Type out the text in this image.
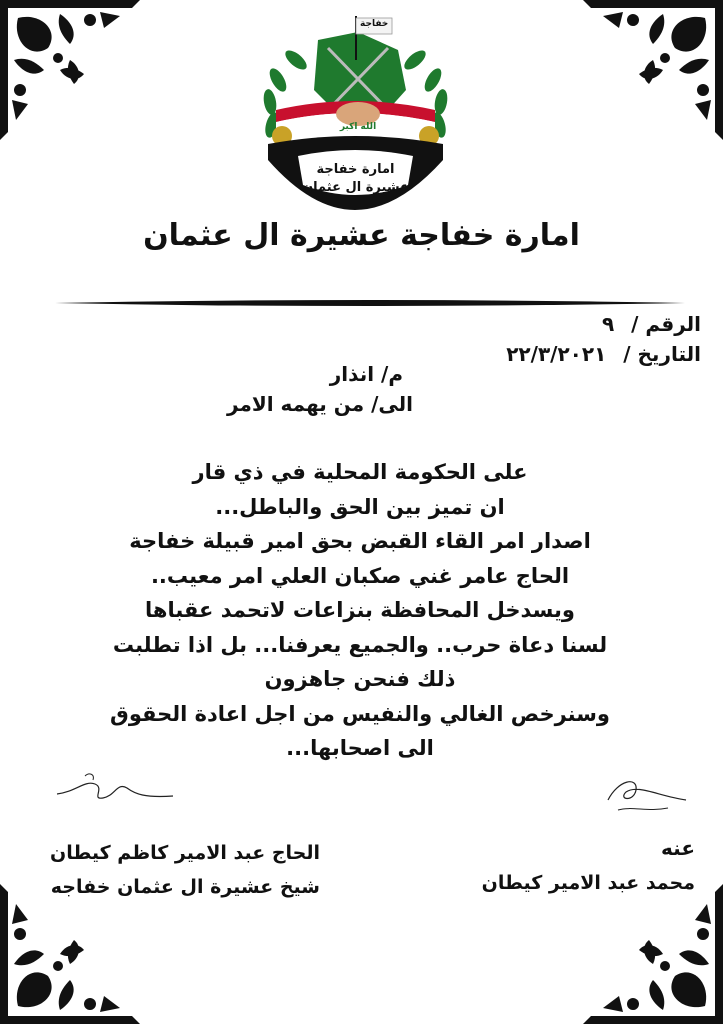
خفاجة
الله اكبر
امارة خفاجة
عشيرة ال عثمان
امارة خفاجة عشيرة ال عثمان
الرقم / ٩
التاريخ / ٢٢/٣/٢٠٢١
م/ انذار
الى/ من يهمه الامر
على الحكومة المحلية في ذي قار
ان تميز بين الحق والباطل...
اصدار امر القاء القبض بحق امير قبيلة خفاجة
الحاج عامر غني صكبان العلي امر معيب..
ويسدخل المحافظة بنزاعات لاتحمد عقباها
لسنا دعاة حرب.. والجميع يعرفنا... بل اذا تطلبت
ذلك فنحن جاهزون
وسنرخص الغالي والنفيس من اجل اعادة الحقوق
الى اصحابها...
الحاج عبد الامير كاظم كيطان
شيخ عشيرة ال عثمان خفاجه
عنه
محمد عبد الامير كيطان
